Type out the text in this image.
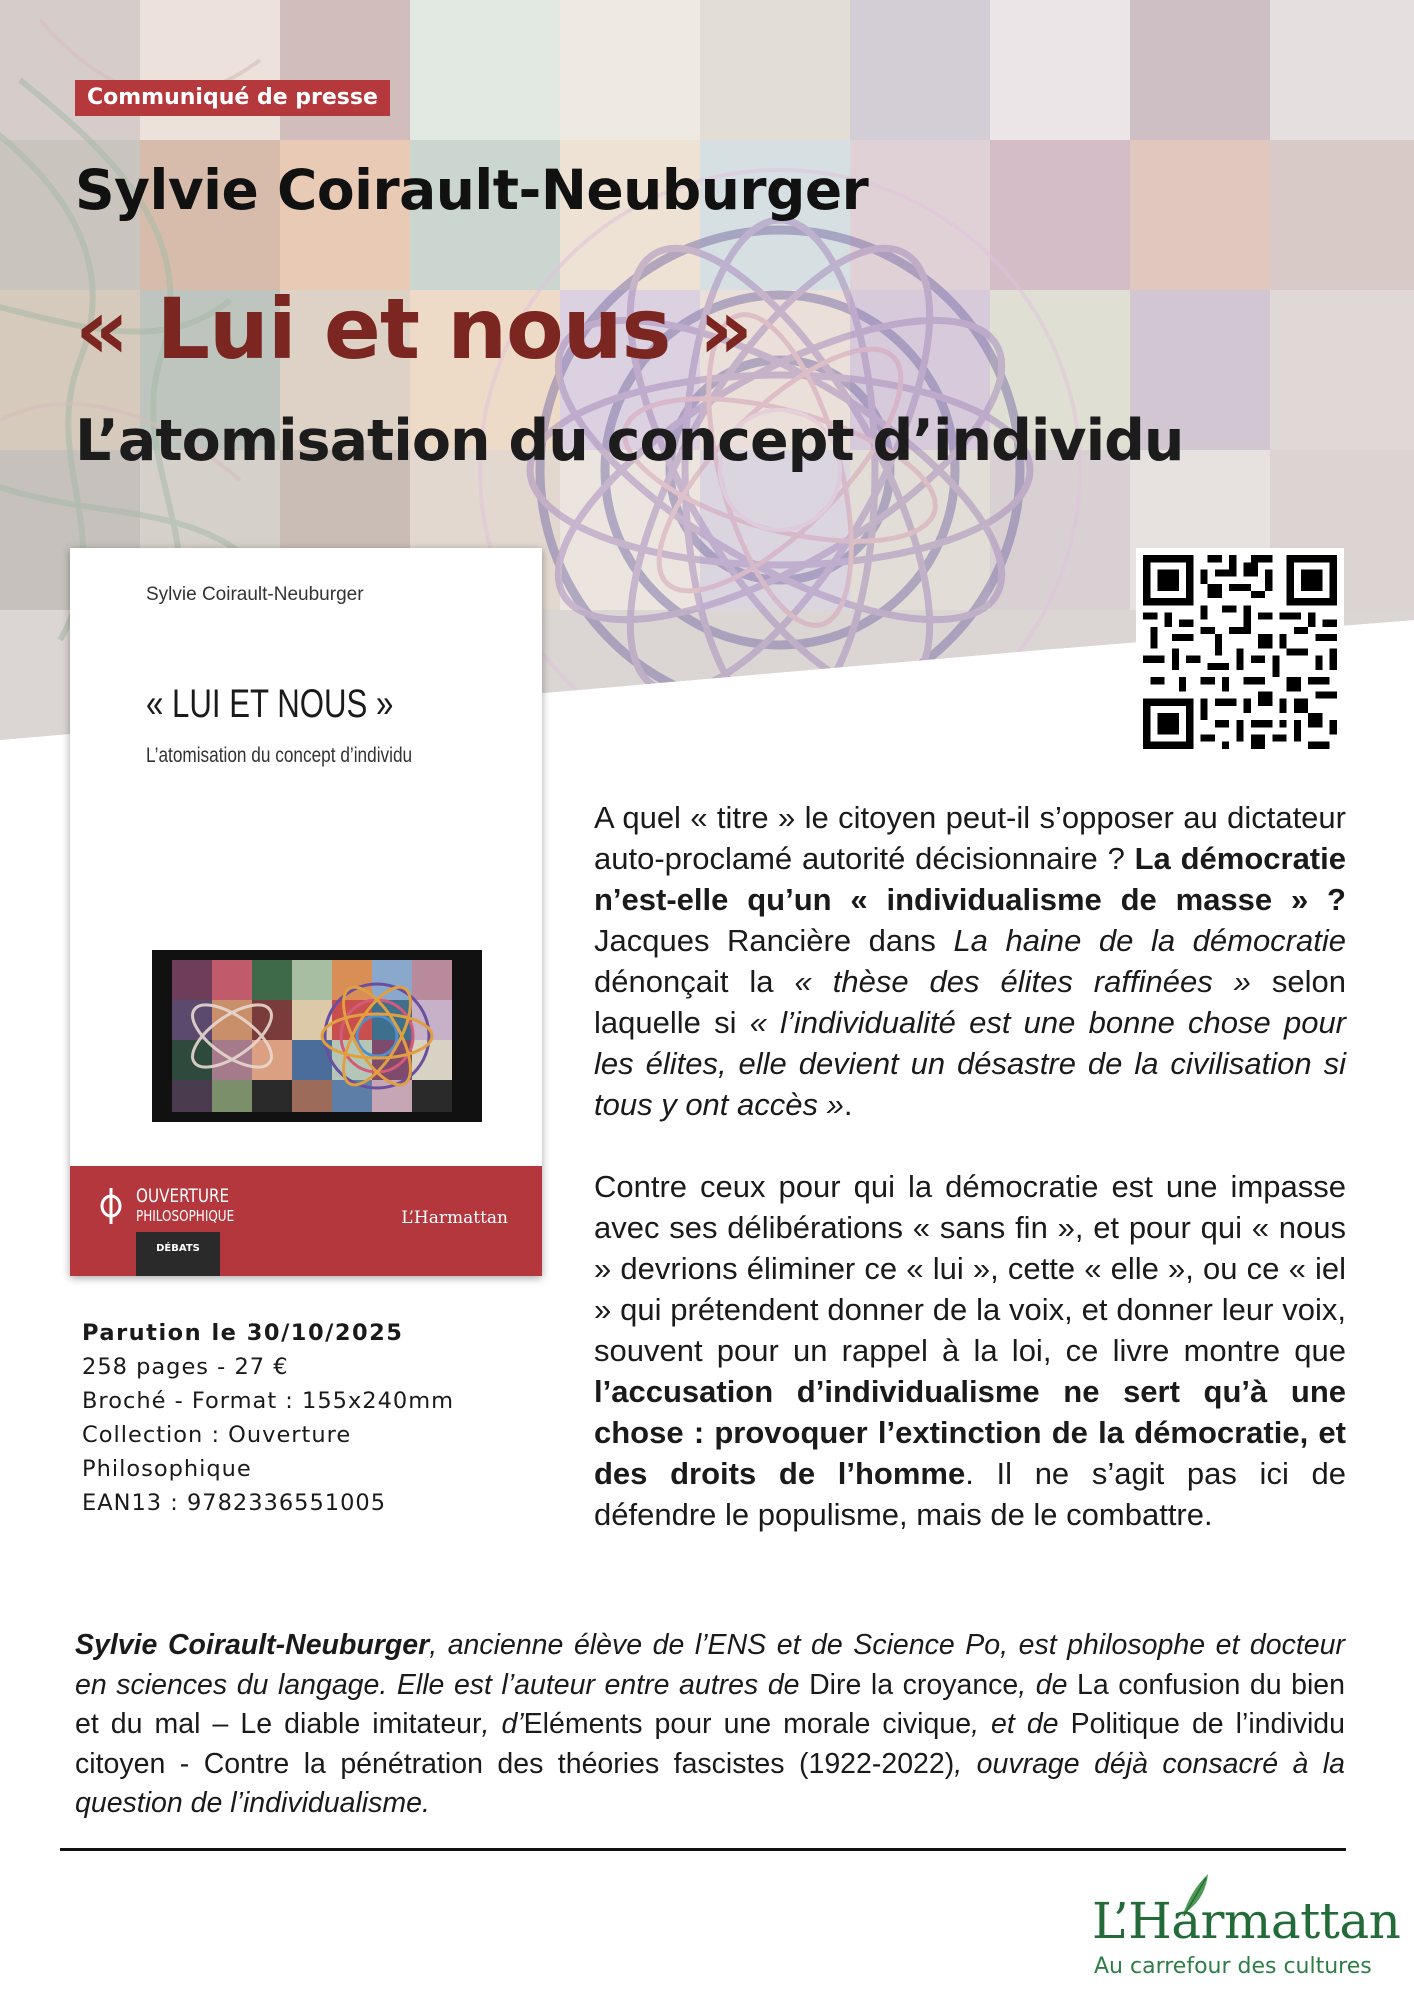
Communiqué de presse
Sylvie Coirault-Neuburger
« Lui et nous »
L’atomisation du concept d’individu
Sylvie Coirault-Neuburger
« LUI ET NOUS »
L’atomisation du concept d’individu
OUVERTURE
PHILOSOPHIQUE
DÉBATS
L’Harmattan

A quel « titre » le citoyen peut-il s’opposer au dictateur auto-proclamé autorité décisionnaire ? La démocratie n’est-elle qu’un « individualisme de masse » ? Jacques Rancière dans La haine de la démocratie dénonçait la « thèse des élites raffinées » selon laquelle si « l’individualité est une bonne chose pour les élites, elle devient un désastre de la civilisation si tous y ont accès ».

Contre ceux pour qui la démocratie est une impasse avec ses délibérations « sans fin », et pour qui « nous » devrions éliminer ce « lui », cette « elle », ou ce « iel » qui prétendent donner de la voix, et donner leur voix, souvent pour un rappel à la loi, ce livre montre que l’accusation d’individualisme ne sert qu’à une chose : provoquer l’extinction de la démocratie, et des droits de l’homme. Il ne s’agit pas ici de défendre le populisme, mais de le combattre.

Parution le 30/10/2025
258 pages - 27 €
Broché - Format : 155x240mm
Collection : Ouverture
Philosophique
EAN13 : 9782336551005
Sylvie Coirault-Neuburger, ancienne élève de l’ENS et de Science Po, est philosophe et docteur en sciences du langage. Elle est l’auteur entre autres de Dire la croyance, de La confusion du bien et du mal – Le diable imitateur, d’Eléments pour une morale civique, et de Politique de l’individu citoyen - Contre la pénétration des théories fascistes (1922-2022), ouvrage déjà consacré à la question de l’individualisme.
L’Harmattan
Au carrefour des cultures
